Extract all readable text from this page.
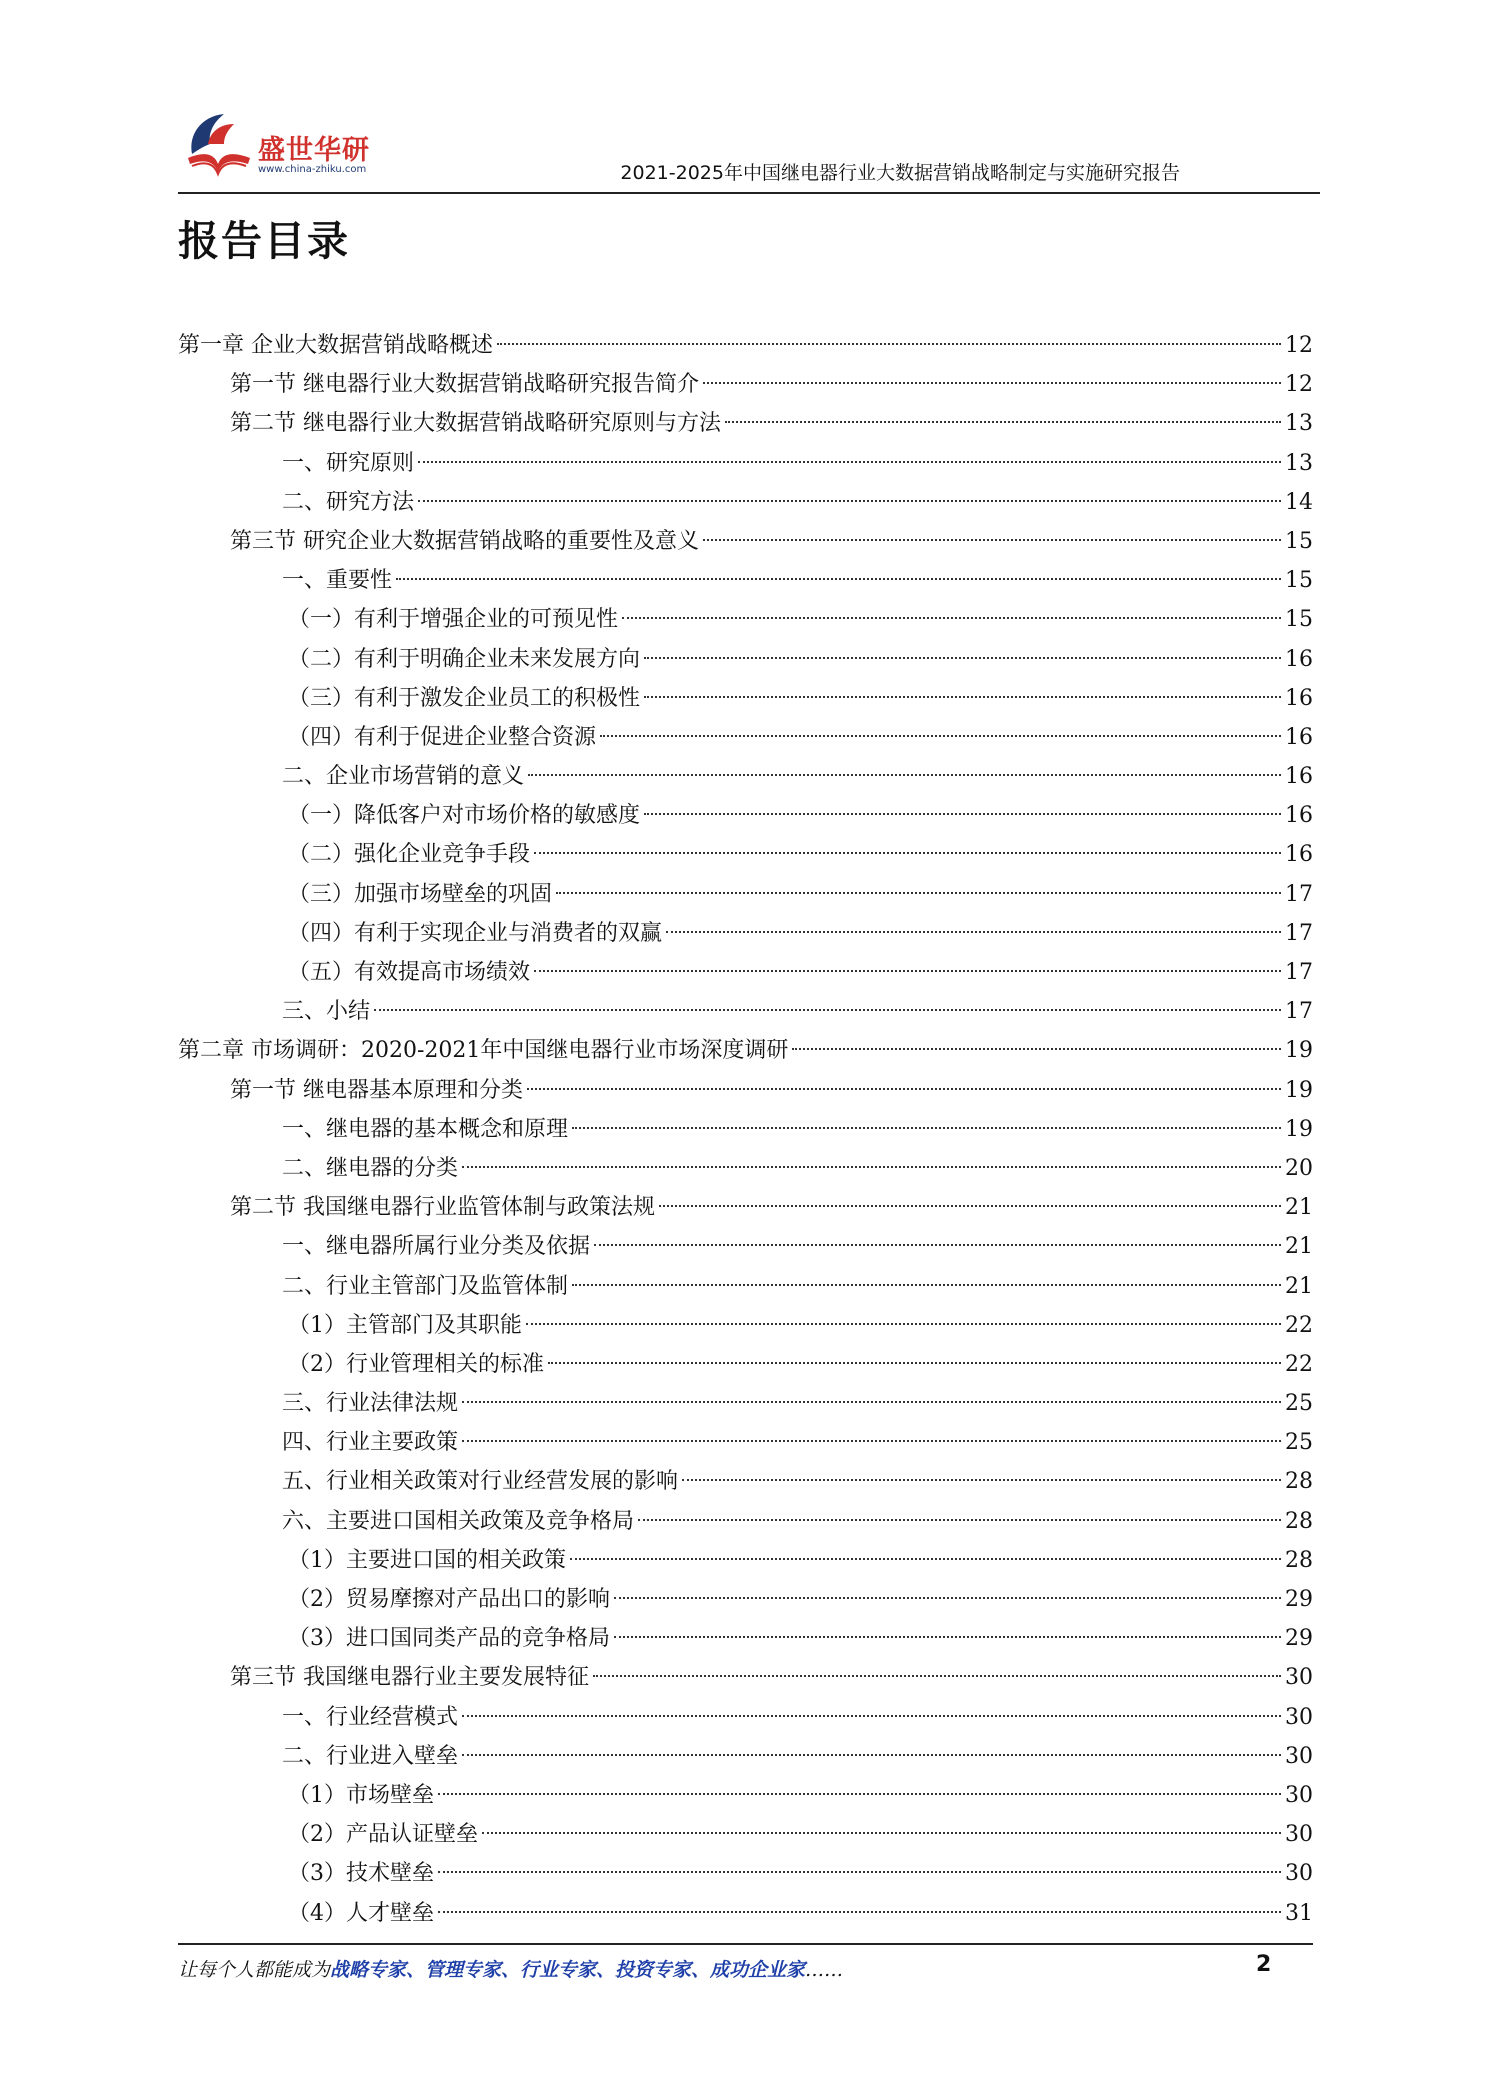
盛世华研
www.china-zhiku.com	2021-2025年中国继电器行业大数据营销战略制定与实施研究报告
报告目录
第一章 企业大数据营销战略概述	12
第一节 继电器行业大数据营销战略研究报告简介	12
第二节 继电器行业大数据营销战略研究原则与方法	13
一、研究原则	13
二、研究方法	14
第三节 研究企业大数据营销战略的重要性及意义	15
一、重要性	15
（一）有利于增强企业的可预见性	15
（二）有利于明确企业未来发展方向	16
（三）有利于激发企业员工的积极性	16
（四）有利于促进企业整合资源	16
二、企业市场营销的意义	16
（一）降低客户对市场价格的敏感度	16
（二）强化企业竞争手段	16
（三）加强市场壁垒的巩固	17
（四）有利于实现企业与消费者的双赢	17
（五）有效提高市场绩效	17
三、小结	17
第二章 市场调研：2020-2021年中国继电器行业市场深度调研	19
第一节 继电器基本原理和分类	19
一、继电器的基本概念和原理	19
二、继电器的分类	20
第二节 我国继电器行业监管体制与政策法规	21
一、继电器所属行业分类及依据	21
二、行业主管部门及监管体制	21
（1）主管部门及其职能	22
（2）行业管理相关的标准	22
三、行业法律法规	25
四、行业主要政策	25
五、行业相关政策对行业经营发展的影响	28
六、主要进口国相关政策及竞争格局	28
（1）主要进口国的相关政策	28
（2）贸易摩擦对产品出口的影响	29
（3）进口国同类产品的竞争格局	29
第三节 我国继电器行业主要发展特征	30
一、行业经营模式	30
二、行业进入壁垒	30
（1）市场壁垒	30
（2）产品认证壁垒	30
（3）技术壁垒	30
（4）人才壁垒	31
让每个人都能成为战略专家、管理专家、行业专家、投资专家、成功企业家……	2
